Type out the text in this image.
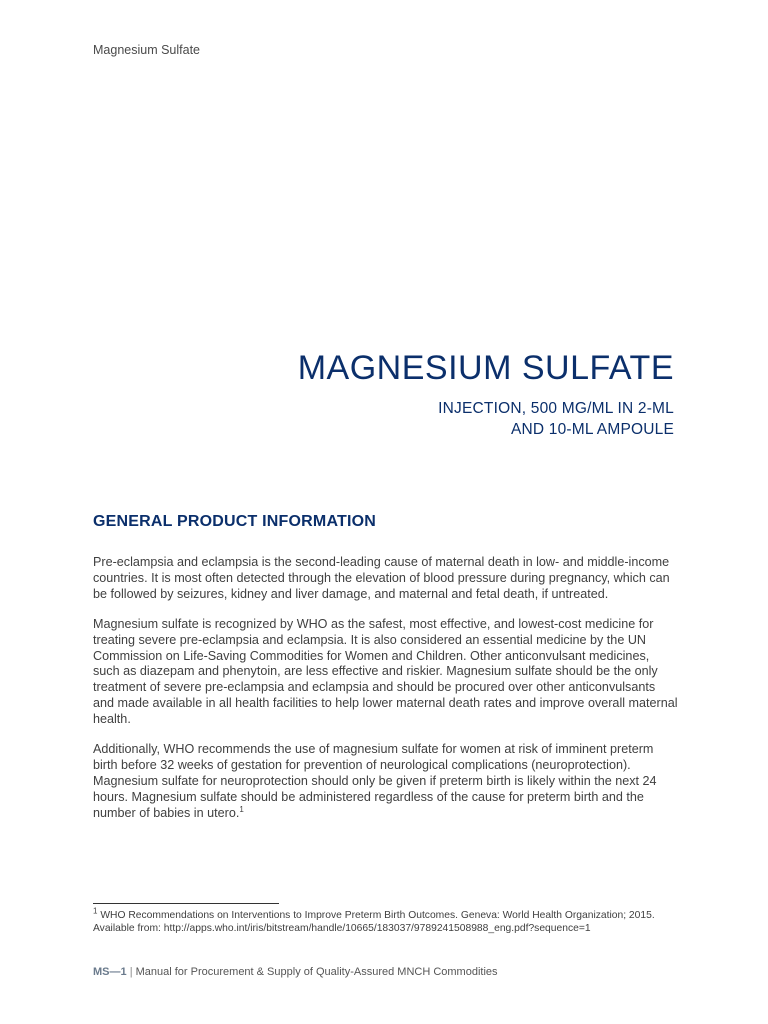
Magnesium Sulfate
MAGNESIUM SULFATE
INJECTION, 500 MG/ML IN 2-ML
AND 10-ML AMPOULE
GENERAL PRODUCT INFORMATION

Pre-eclampsia and eclampsia is the second-leading cause of maternal death in low- and middle-income countries. It is most often detected through the elevation of blood pressure during pregnancy, which can be followed by seizures, kidney and liver damage, and maternal and fetal death, if untreated.

Magnesium sulfate is recognized by WHO as the safest, most effective, and lowest-cost medicine for treating severe pre-eclampsia and eclampsia. It is also considered an essential medicine by the UN Commission on Life-Saving Commodities for Women and Children. Other anticonvulsant medicines, such as diazepam and phenytoin, are less effective and riskier. Magnesium sulfate should be the only treatment of severe pre-eclampsia and eclampsia and should be procured over other anticonvulsants and made available in all health facilities to help lower maternal death rates and improve overall maternal health.

Additionally, WHO recommends the use of magnesium sulfate for women at risk of imminent preterm birth before 32 weeks of gestation for prevention of neurological complications (neuroprotection). Magnesium sulfate for neuroprotection should only be given if preterm birth is likely within the next 24 hours. Magnesium sulfate should be administered regardless of the cause for preterm birth and the number of babies in utero.$^1$

$^1$ WHO Recommendations on Interventions to Improve Preterm Birth Outcomes. Geneva: World Health Organization; 2015.
Available from: http://apps.who.int/iris/bitstream/handle/10665/183037/9789241508988_eng.pdf?sequence=1
MS—1 | Manual for Procurement & Supply of Quality-Assured MNCH Commodities
